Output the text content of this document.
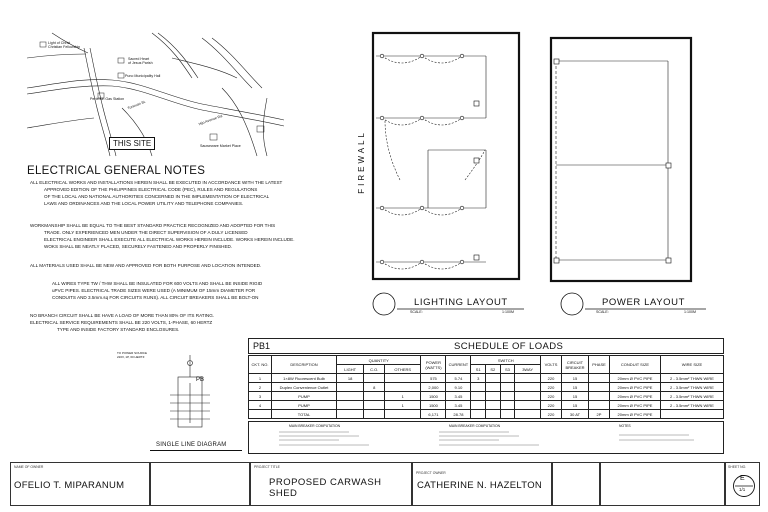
Light of Christ
Christian Fellowship
Sacred Heart
of Jesus Parish
Puno Municipality Hall
Pertersin Gas Station
Tunuvan St.
Hijo Avenue Rd.
Sauweware Market Place
THIS SITE
ELECTRICAL GENERAL NOTES
ALL ELECTRICAL WORKS AND INSTALLATIONS HEREIN SHALL BE EXECUTED IN ACCORDANCE WITH THE LATEST
APPROVED EDITION OF THE PHILIPPINES ELECTRICAL CODE (PEC), RULES AND REGULATIONS
OF THE LOCAL AND NATIONAL AUTHORITIES CONCERNED IN THE IMPLEMENTATION OF ELECTRICAL
LAWS AND ORDINANCES AND THE LOCAL POWER UTILITY AND TELEPHONE COMPANIES.
WORKMANSHIP SHALL BE EQUAL TO THE BEST STANDARD PRACTICE RECOGNIZED AND ADOPTED FOR THIS
TRADE. ONLY EXPERIENCED MEN UNDER THE DIRECT SUPERVISION OF A DULY LICENSED
ELECTRICAL ENGINEER SHALL EXECUTE ALL ELECTRICAL WORKS HEREIN INCLUDE. WORKS HEREIN INCLUDE.
WOKS SHALL BE NEATLY PLACED, SECURELY FASTENED AND PROPERLY FINISHED.
ALL MATERIALS USED SHALL BE NEW AND APPROVED FOR BOTH PURPOSE AND LOCATION INTENDED.
ALL WIRES TYPE TW / THW SHALL BE INSULATED FOR 600 VOLTS AND SHALL BE INSIDE RIGID
uPVC PIPES. ELECTRICAL TRADE SIZES WERE USED (A MINIMUM OF 15mm DIAMETER FOR
CONDUITS AND 3.5mm.sq FOR CIRCUITS RUNS). ALL CIRCUIT BREAKERS SHALL BE BOLT-ON
NO BRANCH CIRCUIT SHALL BE HAVE A LOAD OF MORE THAN 80% OF ITS RATING.
ELECTRICAL SERVICE REQUIREMENTS SHALL BE 220 VOLTS, 1-PHASE, 60 HERTZ
TYPE AND INSIDE FACTORY STANDARD ENCLOSURES.
FIREWALL
LIGHTING LAYOUT
SCALE:	1:100M
POWER LAYOUT
SCALE:	1:100M
TO POWER SOURCE
220V, 1P, 60 HERTZ
PB
SINGLE LINE DIAGRAM
PB1	SCHEDULE OF LOADS
CKT. NO.	DESCRIPTION	QUANTITY			POWER (WATTS)	CURRENT	SWITCH				VOLTS	CIRCUIT BREAKER	PHASE	CONDUIT SIZE	WIRE SIZE
		LIGHT	C.O.	OTHERS			S1	S2	S3	3WAY					
1	1×8W Fluorescent Bulb	18			575	5.74	3				220	15		20mm Ø PVC PIPE	2 - 3.5mm² THWN WIRE
2	Duplex Convenience Outlet		8		2,000	9.10					220	15		20mm Ø PVC PIPE	2 - 3.5mm² THWN WIRE
3	PUMP			1	1500	3.45					220	15		20mm Ø PVC PIPE	2 - 3.5mm² THWN WIRE
4	PUMP			1	1500	3.45					220	15		20mm Ø PVC PIPE	2 - 3.5mm² THWN WIRE
	TOTAL				6,171	28.78					220	30 AT	2P	20mm Ø PVC PIPE	
MAIN BREAKER COMPUTATION	MAIN BREAKER COMPUTATION	NOTES
NAME OF OWNER
OFELIO T. MIPARANUM
PROJECT TITLE
PROPOSED CARWASH SHED
PROJECT OWNER
CATHERINE N. HAZELTON
SHEET NO.
E
1/1
